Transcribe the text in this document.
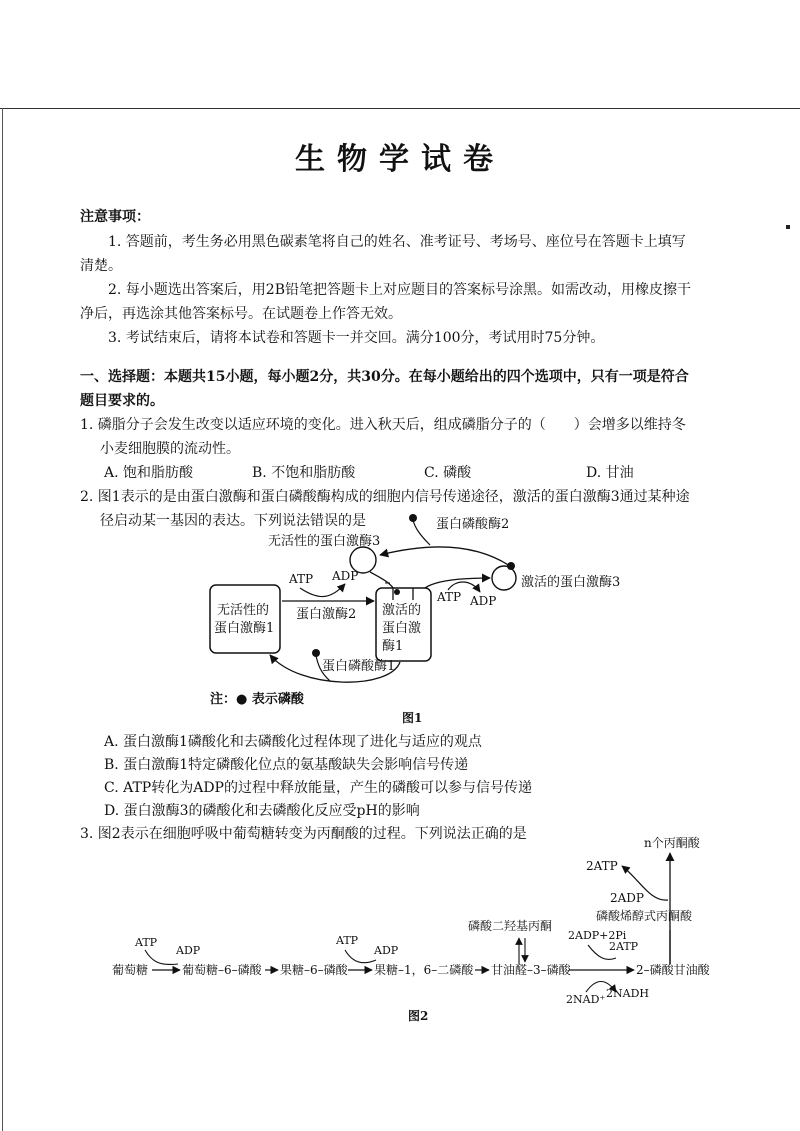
生物学试卷
注意事项：
1. 答题前，考生务必用黑色碳素笔将自己的姓名、准考证号、考场号、座位号在答题卡上填写
清楚。
2. 每小题选出答案后，用2B铅笔把答题卡上对应题目的答案标号涂黑。如需改动，用橡皮擦干
净后，再选涂其他答案标号。在试题卷上作答无效。
3. 考试结束后，请将本试卷和答题卡一并交回。满分100分，考试用时75分钟。
一、选择题：本题共15小题，每小题2分，共30分。在每小题给出的四个选项中，只有一项是符合
题目要求的。
1. 磷脂分子会发生改变以适应环境的变化。进入秋天后，组成磷脂分子的（　　）会增多以维持冬
小麦细胞膜的流动性。
A. 饱和脂肪酸	B. 不饱和脂肪酸	C. 磷酸	D. 甘油
2. 图1表示的是由蛋白激酶和蛋白磷酸酶构成的细胞内信号传递途径，激活的蛋白激酶3通过某种途
径启动某一基因的表达。下列说法错误的是	蛋白磷酸酶2
无活性的蛋白激酶3
激活的蛋白激酶3
ATP ADP
ATP ADP
无活性的
蛋白激酶1
蛋白激酶2 激活的
蛋白激
酶1
蛋白磷酸酶1
注：● 表示磷酸
图1
n个丙酮酸
2ATP
2ADP
磷酸烯醇式丙酮酸
磷酸二羟基丙酮
2ADP+2Pi
2ATP
ATP
ADP
ATP
ADP
葡萄糖	葡萄糖–6–磷酸 果糖–6–磷酸 果糖–1，6–二磷酸 甘油醛–3–磷酸	2–磷酸甘油酸
2NAD⁺ 2NADH
图2
A. 蛋白激酶1磷酸化和去磷酸化过程体现了进化与适应的观点
B. 蛋白激酶1特定磷酸化位点的氨基酸缺失会影响信号传递
C. ATP转化为ADP的过程中释放能量，产生的磷酸可以参与信号传递
D. 蛋白激酶3的磷酸化和去磷酸化反应受pH的影响
3. 图2表示在细胞呼吸中葡萄糖转变为丙酮酸的过程。下列说法正确的是
